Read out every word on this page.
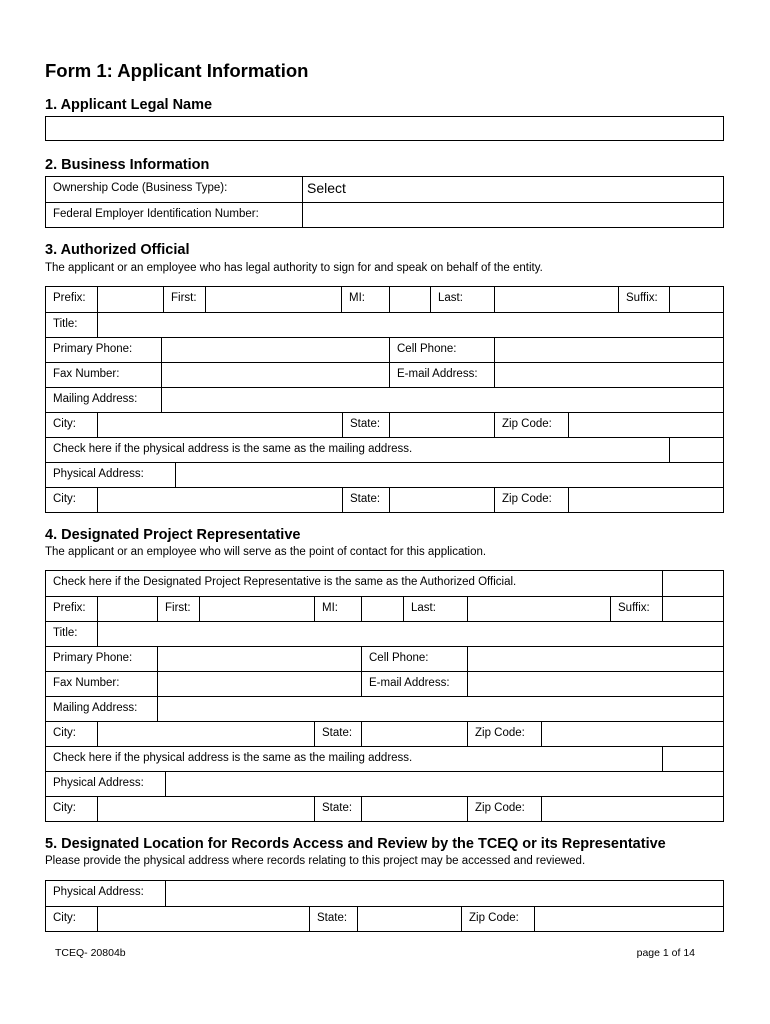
Form 1: Applicant Information
1. Applicant Legal Name
2. Business Information
Ownership Code (Business Type):	Select
Federal Employer Identification Number:
3. Authorized Official
The applicant or an employee who has legal authority to sign for and speak on behalf of the entity.
Prefix:	First:	MI:	Last:	Suffix:
Title:
Primary Phone:	Cell Phone:
Fax Number:	E-mail Address:
Mailing Address:
City:	State:	Zip Code:
Check here if the physical address is the same as the mailing address.
Physical Address:
City:	State:	Zip Code:
4. Designated Project Representative
The applicant or an employee who will serve as the point of contact for this application.
Check here if the Designated Project Representative is the same as the Authorized Official.
Prefix:	First:	MI:	Last:	Suffix:
Title:
Primary Phone:	Cell Phone:
Fax Number:	E-mail Address:
Mailing Address:
City:	State:	Zip Code:
Check here if the physical address is the same as the mailing address.
Physical Address:
City:	State:	Zip Code:
5. Designated Location for Records Access and Review by the TCEQ or its Representative
Please provide the physical address where records relating to this project may be accessed and reviewed.
Physical Address:
City:	State:	Zip Code:
TCEQ- 20804b	page 1 of 14
